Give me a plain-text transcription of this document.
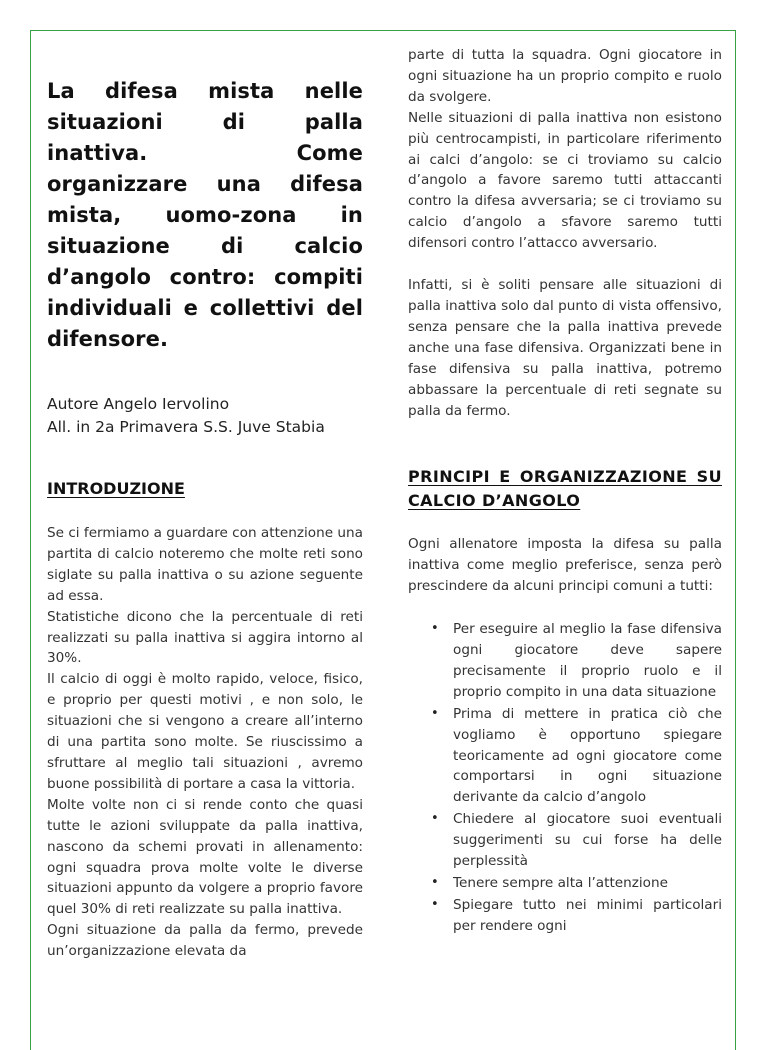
La difesa mista nelle situazioni di palla inattiva. Come organizzare una difesa mista, uomo-zona in situazione di calcio d’angolo contro: compiti individuali e collettivi del difensore.

Autore Angelo Iervolino

All. in 2a Primavera S.S. Juve Stabia

INTRODUZIONE

Se ci fermiamo a guardare con attenzione una partita di calcio noteremo che molte reti sono siglate su palla inattiva o su azione seguente ad essa.

Statistiche dicono che la percentuale di reti realizzati su palla inattiva si aggira intorno al 30%.

Il calcio di oggi è molto rapido, veloce, fisico, e proprio per questi motivi , e non solo, le situazioni che si vengono a creare all’interno di una partita sono molte. Se riuscissimo a sfruttare al meglio tali situazioni , avremo buone possibilità di portare a casa la vittoria.

Molte volte non ci si rende conto che quasi tutte le azioni sviluppate da palla inattiva, nascono da schemi provati in allenamento: ogni squadra prova molte volte le diverse situazioni appunto da volgere a proprio favore quel 30% di reti realizzate su palla inattiva.

Ogni situazione da palla da fermo, prevede un’organizzazione elevata da

parte di tutta la squadra. Ogni giocatore in ogni situazione ha un proprio compito e ruolo da svolgere.

Nelle situazioni di palla inattiva non esistono più centrocampisti, in particolare riferimento ai calci d’angolo: se ci troviamo su calcio d’angolo a favore saremo tutti attaccanti contro la difesa avversaria; se ci troviamo su calcio d’angolo a sfavore saremo tutti difensori contro l’attacco avversario.

Infatti, si è soliti pensare alle situazioni di palla inattiva solo dal punto di vista offensivo, senza pensare che la palla inattiva prevede anche una fase difensiva. Organizzati bene in fase difensiva su palla inattiva, potremo abbassare la percentuale di reti segnate su palla da fermo.

PRINCIPI E ORGANIZZAZIONE SU CALCIO D’ANGOLO

Ogni allenatore imposta la difesa su palla inattiva come meglio preferisce, senza però prescindere da alcuni principi comuni a tutti:

• Per eseguire al meglio la fase difensiva ogni giocatore deve sapere precisamente il proprio ruolo e il proprio compito in una data situazione
• Prima di mettere in pratica ciò che vogliamo è opportuno spiegare teoricamente ad ogni giocatore come comportarsi in ogni situazione derivante da calcio d’angolo
• Chiedere al giocatore suoi eventuali suggerimenti su cui forse ha delle perplessità
• Tenere sempre alta l’attenzione
• Spiegare tutto nei minimi particolari per rendere ogni
